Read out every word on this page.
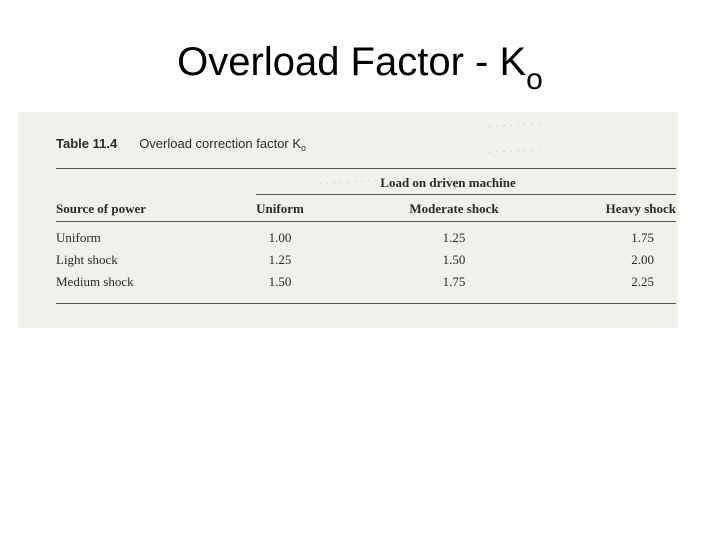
Overload Factor - $K_o$
· · · · · · · ·
· · · · · · · ·
· · · · · · · · · · · · · ·
Table 11.4 Overload correction factor $K_o$
Load on driven machine
Source of power	Uniform	Moderate shock	Heavy shock
Uniform	1.00	1.25	1.75
Light shock	1.25	1.50	2.00
Medium shock	1.50	1.75	2.25
